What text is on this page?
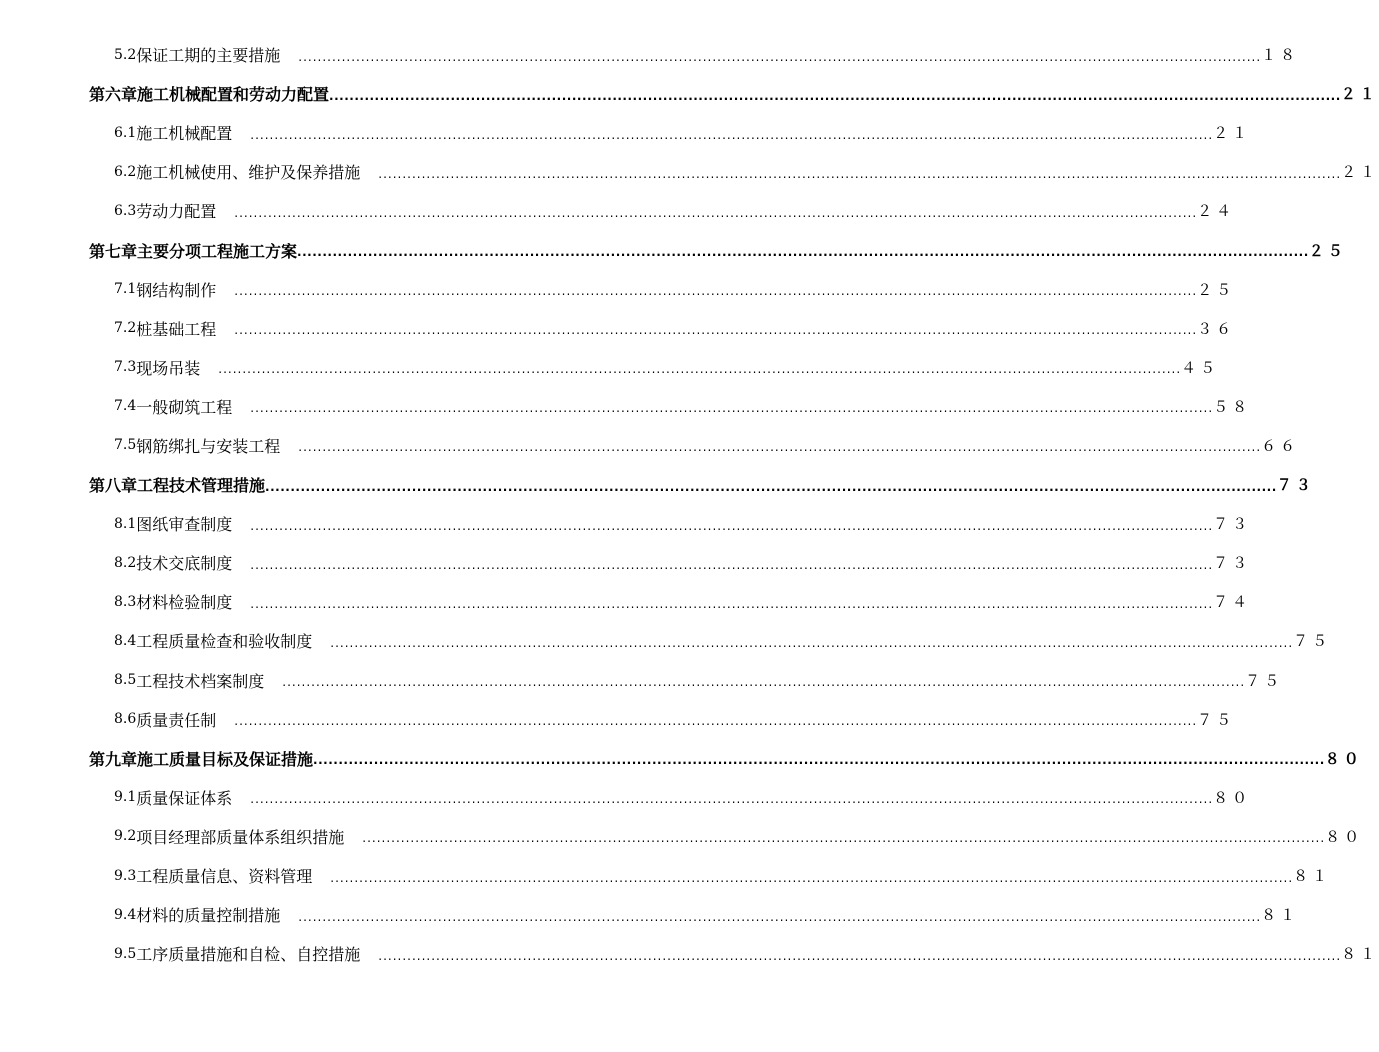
5.2 保证工期的主要措施 ........................................................................................................................................................................................................ １８
第六章 施工机械配置和劳动力配置 ........................................................................................................................................................................................................ ２１
6.1 施工机械配置 ........................................................................................................................................................................................................ ２１
6.2 施工机械使用、维护及保养措施 ........................................................................................................................................................................................................ ２１
6.3 劳动力配置 ........................................................................................................................................................................................................ ２４
第七章 主要分项工程施工方案 ........................................................................................................................................................................................................ ２５
7.1 钢结构制作 ........................................................................................................................................................................................................ ２５
7.2 桩基础工程 ........................................................................................................................................................................................................ ３６
7.3 现场吊装 ........................................................................................................................................................................................................ ４５
7.4 一般砌筑工程 ........................................................................................................................................................................................................ ５８
7.5 钢筋绑扎与安装工程 ........................................................................................................................................................................................................ ６６
第八章 工程技术管理措施 ........................................................................................................................................................................................................ ７３
8.1 图纸审查制度 ........................................................................................................................................................................................................ ７３
8.2 技术交底制度 ........................................................................................................................................................................................................ ７３
8.3 材料检验制度 ........................................................................................................................................................................................................ ７４
8.4 工程质量检查和验收制度 ........................................................................................................................................................................................................ ７５
8.5 工程技术档案制度 ........................................................................................................................................................................................................ ７５
8.6 质量责任制 ........................................................................................................................................................................................................ ７５
第九章 施工质量目标及保证措施 ........................................................................................................................................................................................................ ８０
9.1 质量保证体系 ........................................................................................................................................................................................................ ８０
9.2 项目经理部质量体系组织措施 ........................................................................................................................................................................................................ ８０
9.3 工程质量信息、资料管理 ........................................................................................................................................................................................................ ８１
9.4 材料的质量控制措施 ........................................................................................................................................................................................................ ８１
9.5 工序质量措施和自检、自控措施 ........................................................................................................................................................................................................ ８１
